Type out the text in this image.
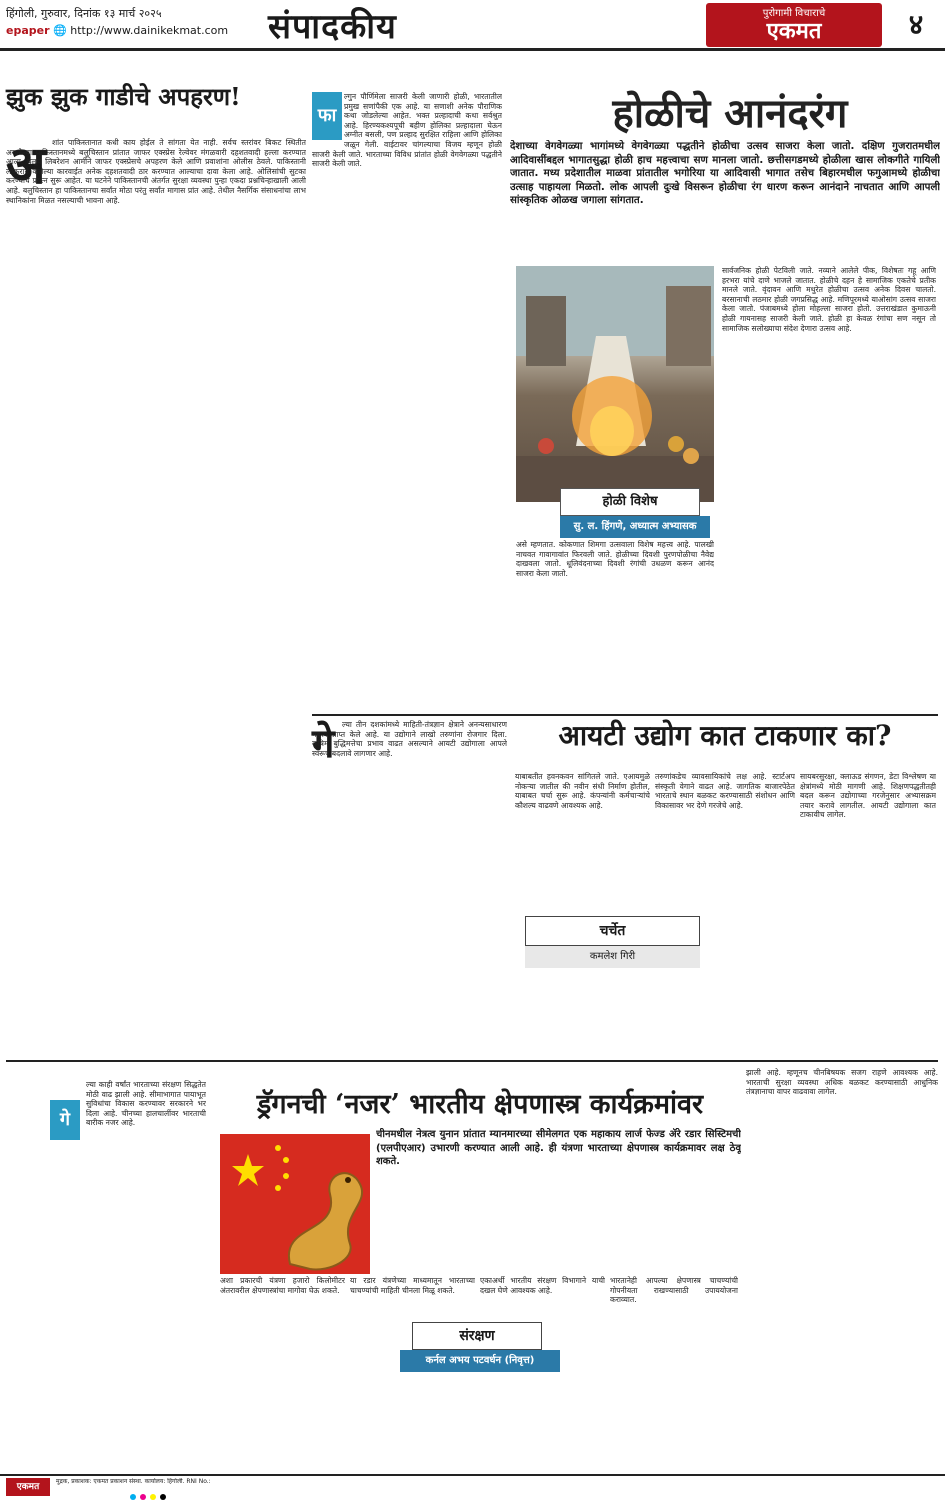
हिंगोली, गुरुवार, दिनांक १३ मार्च २०२५
epaper 🌐 http://www.dainikekmat.com संपादकीय	पुरोगामी विचाराचे
एकमत	४
झुक झुक गाडीचे अपहरण!
अ शांत पाकिस्तानात कधी काय होईल ते सांगता येत नाही. सर्वच स्तरांवर बिकट स्थितीत असलेल्या पाकिस्तानमध्ये बलुचिस्तान प्रांतात जाफर एक्स्प्रेस रेल्वेवर मंगळवारी दहशतवादी हल्ला करण्यात आला. बलूच लिबरेशन आर्मीने जाफर एक्स्प्रेसचे अपहरण केले आणि प्रवाशांना ओलीस ठेवले. पाकिस्तानी लष्कराने केलेल्या कारवाईत अनेक दहशतवादी ठार करण्यात आल्याचा दावा केला आहे. ओलिसांची सुटका करण्याचे प्रयत्न सुरू आहेत. या घटनेने पाकिस्तानची अंतर्गत सुरक्षा व्यवस्था पुन्हा एकदा प्रश्नचिन्हाखाली आली आहे. बलुचिस्तान हा पाकिस्तानचा सर्वांत मोठा परंतु सर्वांत मागास प्रांत आहे. तेथील नैसर्गिक संसाधनांचा लाभ स्थानिकांना मिळत नसल्याची भावना आहे.
ल्गुन पौर्णिमेला साजरी केली जाणारी होळी, भारतातील प्रमुख सणांपैकी एक आहे. या सणाशी अनेक पौराणिक कथा जोडलेल्या आहेत. भक्त प्रल्हादाची कथा सर्वश्रुत आहे. हिरण्यकश्यपूची बहीण होलिका प्रल्हादाला घेऊन अग्नीत बसली, पण प्रल्हाद सुरक्षित राहिला आणि होलिका जळून गेली. वाईटावर चांगल्याचा विजय म्हणून होळी साजरी केली जाते. भारताच्या विविध प्रांतांत होळी वेगवेगळ्या पद्धतीने साजरी केली जाते.
फा	होळीचे आनंदरंग
देशाच्या वेगवेगळ्या भागांमध्ये वेगवेगळ्या पद्धतीने होळीचा उत्सव साजरा केला जातो. दक्षिण गुजरातमधील आदिवासींबद्दल भागातसुद्धा होळी हाच महत्त्वाचा सण मानला जातो. छत्तीसगडमध्ये होळीला खास लोकगीते गायिली जातात. मध्य प्रदेशातील माळवा प्रांतातील भगोरिया या आदिवासी भागात तसेच बिहारमधील फगुआमध्ये होळीचा उत्साह पाहायला मिळतो. लोक आपली दुःखे विसरून होळीचा रंग धारण करून आनंदाने नाचतात आणि आपली सांस्कृतिक ओळख जगाला सांगतात.
असे म्हणतात. कोकणात शिमगा उत्सवाला विशेष महत्त्व आहे. पालखी नाचवत गावागावांत फिरवली जाते. होळीच्या दिवशी पुरणपोळीचा नैवेद्य दाखवला जातो. धूलिवंदनाच्या दिवशी रंगांची उधळण करून आनंद साजरा केला जातो.
सार्वजनिक होळी पेटविली जाते. नव्याने आलेले पीक, विशेषतः गहू आणि हरभरा यांचे दाणे भाजले जातात. होळीचे दहन हे सामाजिक एकतेचे प्रतीक मानले जाते. वृंदावन आणि मथुरेत होळीचा उत्सव अनेक दिवस चालतो. बरसानाची लठमार होळी जगप्रसिद्ध आहे. मणिपूरमध्ये याओसांग उत्सव साजरा केला जातो. पंजाबमध्ये होला मोहल्ला साजरा होतो. उत्तराखंडात कुमाऊनी होळी गायनासह साजरी केली जाते. होळी हा केवळ रंगांचा सण नसून तो सामाजिक सलोख्याचा संदेश देणारा उत्सव आहे.
होळी विशेष
सु. ल. हिंगणे, अध्यात्म अभ्यासक
गे ल्या तीन दशकांमध्ये माहिती-तंत्रज्ञान क्षेत्राने अनन्यसाधारण महत्त्व प्राप्त केले आहे. या उद्योगाने लाखो तरुणांना रोजगार दिला. कृत्रिम बुद्धिमत्तेचा प्रभाव वाढत असल्याने आयटी उद्योगाला आपले स्वरूप बदलावे लागणार आहे.
आयटी उद्योग कात टाकणार का?
याबाबतीत हवनकवन सांगितले जाते. एआयमुळे नोकऱ्या जातील की नवीन संधी निर्माण होतील, याबाबत चर्चा सुरू आहे. कंपन्यांनी कर्मचाऱ्यांचे कौशल्य वाढवणे आवश्यक आहे.
तरुणांकडेच व्यावसायिकांचे लक्ष आहे. स्टार्टअप संस्कृती वेगाने वाढत आहे. जागतिक बाजारपेठेत भारताचे स्थान बळकट करण्यासाठी संशोधन आणि विकासावर भर देणे गरजेचे आहे.
सायबरसुरक्षा, क्लाऊड संगणन, डेटा विश्लेषण या क्षेत्रांमध्ये मोठी मागणी आहे. शिक्षणपद्धतीतही बदल करून उद्योगाच्या गरजेनुसार अभ्यासक्रम तयार करावे लागतील. आयटी उद्योगाला कात टाकावीच लागेल.
चर्चेत
कमलेश गिरी
ल्या काही वर्षांत भारताच्या संरक्षण सिद्धतेत मोठी वाढ झाली आहे. सीमाभागात पायाभूत सुविधांचा विकास करण्यावर सरकारने भर दिला आहे. चीनच्या हालचालींवर भारताची बारीक नजर आहे.
गे	ड्रॅगनची ‘नजर’ भारतीय क्षेपणास्त्र कार्यक्रमांवर
चीनमधील नेत्रत्व युनान प्रांतात म्यानमारच्या सीमेलगत एक महाकाय लार्ज फेज्ड ॲरे रडार सिस्टिमची (एलपीएआर) उभारणी करण्यात आली आहे. ही यंत्रणा भारताच्या क्षेपणास्त्र कार्यक्रमावर लक्ष ठेवू शकते.
अशा प्रकारची यंत्रणा हजारो किलोमीटर अंतरावरील क्षेपणास्त्रांचा मागोवा घेऊ शकते.
या रडार यंत्रणेच्या माध्यमातून भारताच्या चाचण्यांची माहिती चीनला मिळू शकते.
एकाअर्थी भारतीय संरक्षण विभागाने याची दखल घेणे आवश्यक आहे.
भारतानेही आपल्या क्षेपणास्त्र चाचण्यांची गोपनीयता राखण्यासाठी उपाययोजना कराव्यात.
झाली आहे. म्हणूनच चीनबिषयक सजग राहणे आवश्यक आहे. भारताची सुरक्षा व्यवस्था अधिक बळकट करण्यासाठी आधुनिक तंत्रज्ञानाचा वापर वाढवावा लागेल.
संरक्षण
कर्नल अभय पटवर्धन (निवृत्त)
एकमत
मुद्रक, प्रकाशक: एकमत प्रकाशन संस्था. कार्यालय: हिंगोली. RNI No.:
